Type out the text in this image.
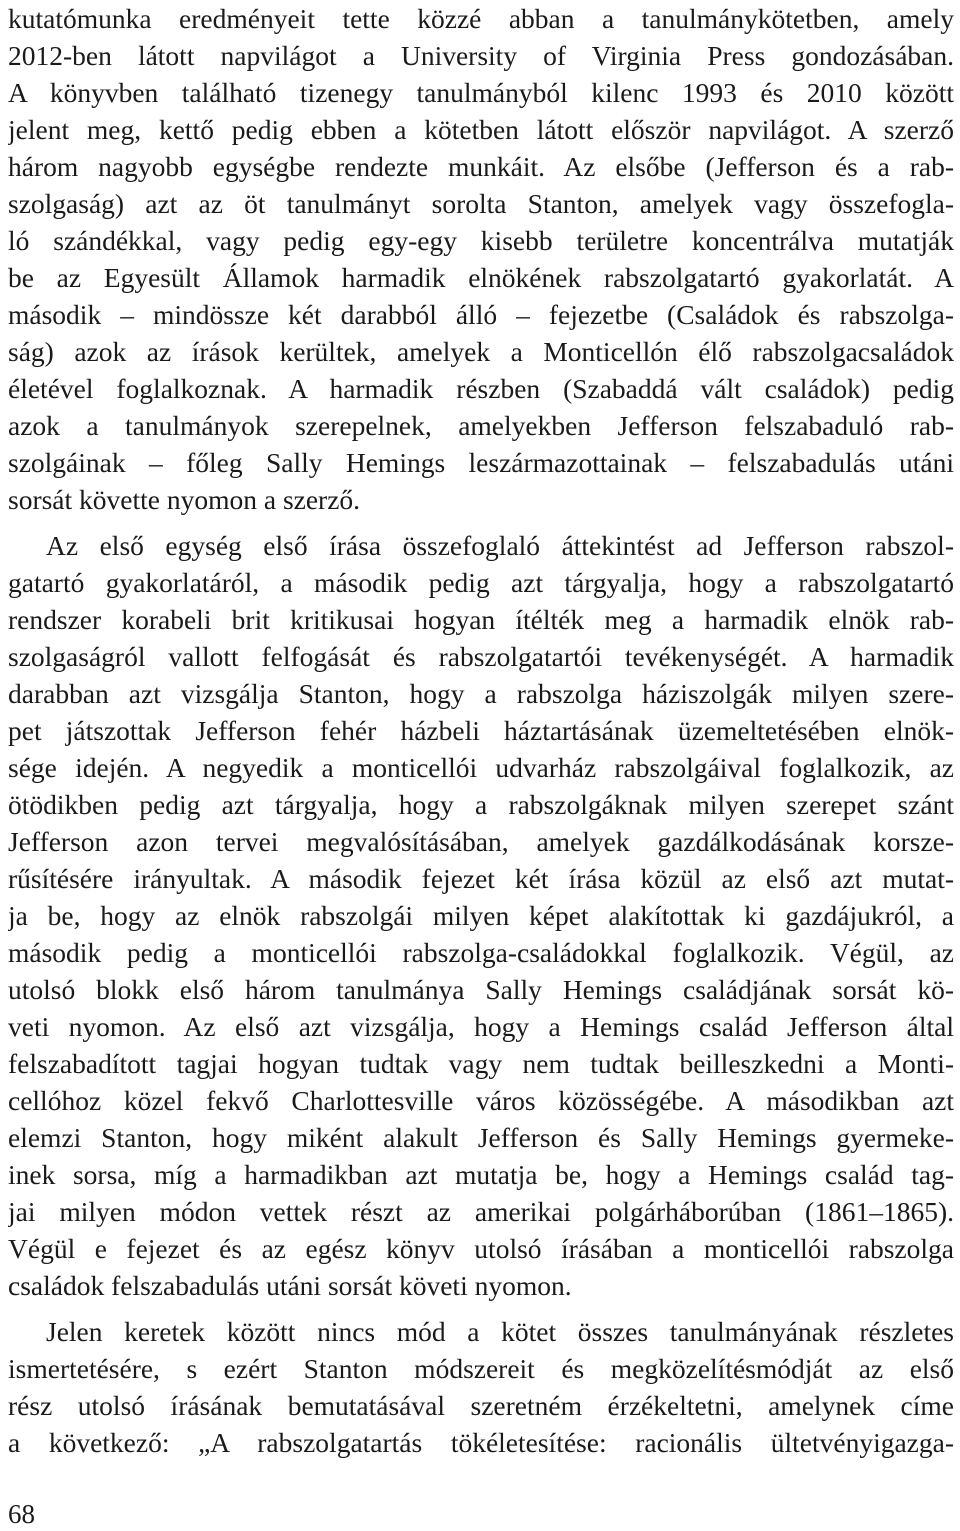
kutatómunka eredményeit tette közzé abban a tanulmánykötetben, amely
2012-ben látott napvilágot a University of Virginia Press gondozásában.
A könyvben található tizenegy tanulmányból kilenc 1993 és 2010 között
jelent meg, kettő pedig ebben a kötetben látott először napvilágot. A szerző
három nagyobb egységbe rendezte munkáit. Az elsőbe (Jefferson és a rab-
szolgaság) azt az öt tanulmányt sorolta Stanton, amelyek vagy összefogla-
ló szándékkal, vagy pedig egy-egy kisebb területre koncentrálva mutatják
be az Egyesült Államok harmadik elnökének rabszolgatartó gyakorlatát. A
második – mindössze két darabból álló – fejezetbe (Családok és rabszolga-
ság) azok az írások kerültek, amelyek a Monticellón élő rabszolgacsaládok
életével foglalkoznak. A harmadik részben (Szabaddá vált családok) pedig
azok a tanulmányok szerepelnek, amelyekben Jefferson felszabaduló rab-
szolgáinak – főleg Sally Hemings leszármazottainak – felszabadulás utáni
sorsát követte nyomon a szerző.
Az első egység első írása összefoglaló áttekintést ad Jefferson rabszol-
gatartó gyakorlatáról, a második pedig azt tárgyalja, hogy a rabszolgatartó
rendszer korabeli brit kritikusai hogyan ítélték meg a harmadik elnök rab-
szolgaságról vallott felfogását és rabszolgatartói tevékenységét. A harmadik
darabban azt vizsgálja Stanton, hogy a rabszolga háziszolgák milyen szere-
pet játszottak Jefferson fehér házbeli háztartásának üzemeltetésében elnök-
sége idején. A negyedik a monticellói udvarház rabszolgáival foglalkozik, az
ötödikben pedig azt tárgyalja, hogy a rabszolgáknak milyen szerepet szánt
Jefferson azon tervei megvalósításában, amelyek gazdálkodásának korsze-
rűsítésére irányultak. A második fejezet két írása közül az első azt mutat-
ja be, hogy az elnök rabszolgái milyen képet alakítottak ki gazdájukról, a
második pedig a monticellói rabszolga-családokkal foglalkozik. Végül, az
utolsó blokk első három tanulmánya Sally Hemings családjának sorsát kö-
veti nyomon. Az első azt vizsgálja, hogy a Hemings család Jefferson által
felszabadított tagjai hogyan tudtak vagy nem tudtak beilleszkedni a Monti-
cellóhoz közel fekvő Charlottesville város közösségébe. A másodikban azt
elemzi Stanton, hogy miként alakult Jefferson és Sally Hemings gyermeke-
inek sorsa, míg a harmadikban azt mutatja be, hogy a Hemings család tag-
jai milyen módon vettek részt az amerikai polgárháborúban (1861–1865).
Végül e fejezet és az egész könyv utolsó írásában a monticellói rabszolga
családok felszabadulás utáni sorsát követi nyomon.
Jelen keretek között nincs mód a kötet összes tanulmányának részletes
ismertetésére, s ezért Stanton módszereit és megközelítésmódját az első
rész utolsó írásának bemutatásával szeretném érzékeltetni, amelynek címe
a következő: „A rabszolgatartás tökéletesítése: racionális ültetvényigazga-
68
